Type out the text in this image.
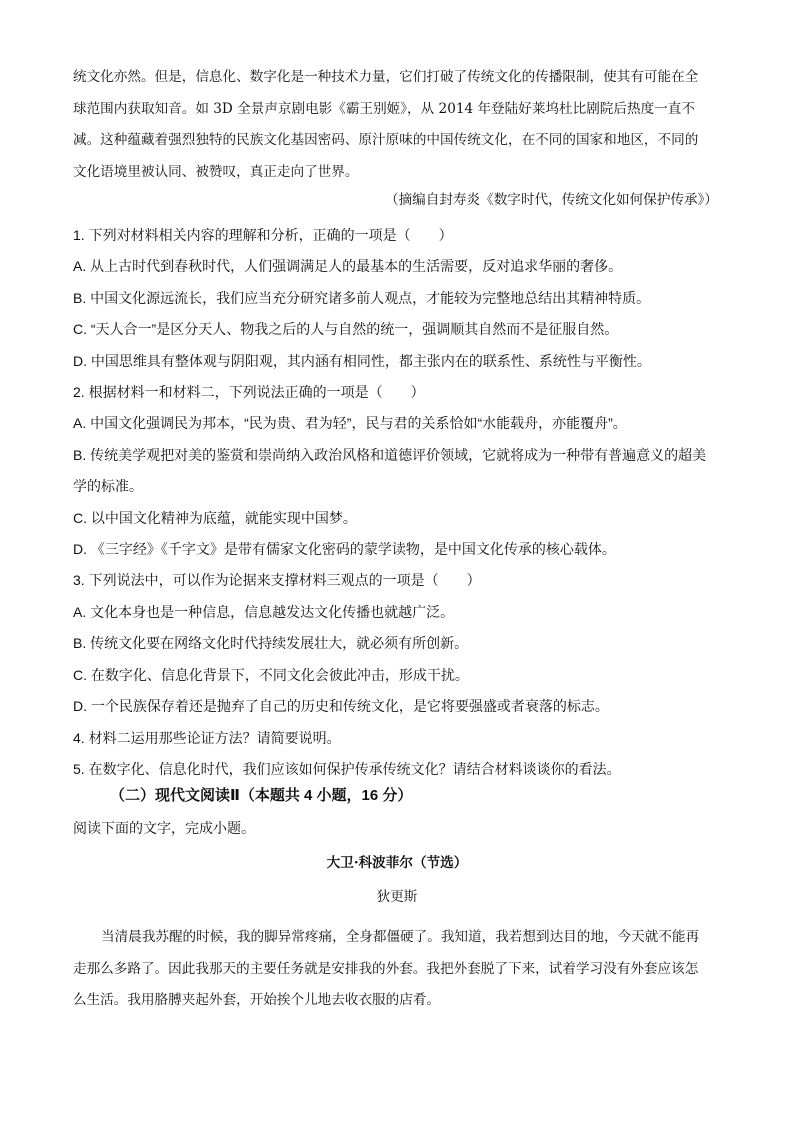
统文化亦然。但是，信息化、数字化是一种技术力量，它们打破了传统文化的传播限制，使其有可能在全

球范围内获取知音。如 3D 全景声京剧电影《霸王别姬》，从 2014 年登陆好莱坞杜比剧院后热度一直不

减。这种蕴藏着强烈独特的民族文化基因密码、原汁原味的中国传统文化，在不同的国家和地区，不同的

文化语境里被认同、被赞叹，真正走向了世界。

（摘编自封寿炎《数字时代，传统文化如何保护传承》）

1. 下列对材料相关内容的理解和分析，正确的一项是（　　）

A. 从上古时代到春秋时代，人们强调满足人的最基本的生活需要，反对追求华丽的奢侈。

B. 中国文化源远流长，我们应当充分研究诸多前人观点，才能较为完整地总结出其精神特质。

C. “天人合一”是区分天人、物我之后的人与自然的统一，强调顺其自然而不是征服自然。

D. 中国思维具有整体观与阴阳观，其内涵有相同性，都主张内在的联系性、系统性与平衡性。

2. 根据材料一和材料二，下列说法正确的一项是（　　）

A. 中国文化强调民为邦本，“民为贵、君为轻”，民与君的关系恰如“水能载舟，亦能覆舟”。

B. 传统美学观把对美的鉴赏和崇尚纳入政治风格和道德评价领域，它就将成为一种带有普遍意义的超美

学的标准。

C. 以中国文化精神为底蕴，就能实现中国梦。

D. 《三字经》《千字文》是带有儒家文化密码的蒙学读物，是中国文化传承的核心载体。

3. 下列说法中，可以作为论据来支撑材料三观点的一项是（　　）

A. 文化本身也是一种信息，信息越发达文化传播也就越广泛。

B. 传统文化要在网络文化时代持续发展壮大，就必须有所创新。

C. 在数字化、信息化背景下，不同文化会彼此冲击，形成干扰。

D. 一个民族保存着还是抛弃了自己的历史和传统文化，是它将要强盛或者衰落的标志。

4. 材料二运用那些论证方法？请简要说明。

5. 在数字化、信息化时代，我们应该如何保护传承传统文化？请结合材料谈谈你的看法。

（二）现代文阅读Ⅱ（本题共 4 小题，16 分）
阅读下面的文字，完成小题。
大卫·科波菲尔（节选）
狄更斯

当清晨我苏醒的时候，我的脚异常疼痛，全身都僵硬了。我知道，我若想到达目的地，今天就不能再

走那么多路了。因此我那天的主要任务就是安排我的外套。我把外套脱了下来，试着学习没有外套应该怎

么生活。我用胳膊夹起外套，开始挨个儿地去收衣服的店肴。
